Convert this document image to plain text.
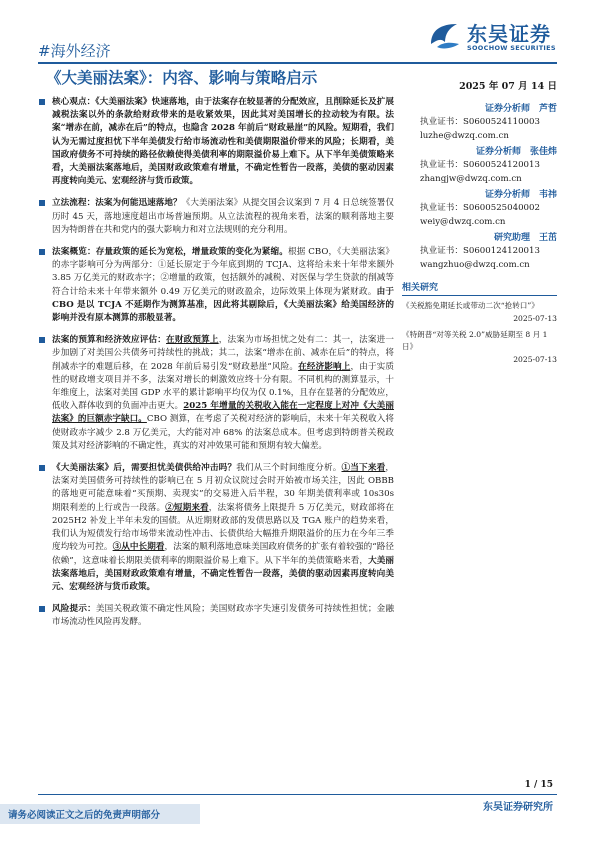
#海外经济
东吴证券
SOOCHOW SECURITIES
《大美丽法案》：内容、影响与策略启示
核心观点：《大美丽法案》快速落地，由于法案存在较显著的分配效应，且削除延长及扩展减税法案以外的条款给财政带来的是收紧效果，因此其对美国增长的拉动较为有限。法案“增赤在前，减赤在后”的特点，也隐含 2028 年前后“财政悬崖”的风险。短期看，我们认为无需过度担忧下半年美债发行给市场流动性和美债期限溢价带来的风险；长期看，美国政府债务不可持续的路径依赖使得美债利率的期限溢价易上难下。从下半年美债策略来看，大美丽法案落地后，美国财政政策难有增量，不确定性暂告一段落，美债的驱动因素再度转向美元、宏观经济与货币政策。
立法流程：法案为何能迅速落地？《大美丽法案》从提交国会议案到 7 月 4 日总统签署仅历时 45 天，落地速度超出市场普遍预期。从立法流程的视角来看，法案的顺利落地主要因为特朗普在共和党内的强大影响力和对立法规则的充分利用。
法案概览：存量政策的延长为宽松，增量政策的变化为紧缩。根据 CBO，《大美丽法案》的赤字影响可分为两部分：①延长原定于今年底到期的 TCJA、这将给未来十年带来额外 3.85 万亿美元的财政赤字；②增量的政策，包括额外的减税、对医保与学生贷款的削减等符合计给未来十年带来额外 0.49 万亿美元的财政盈余，边际效果上体现为紧财政。由于 CBO 是以 TCJA 不延期作为测算基准，因此将其剔除后，《大美丽法案》给美国经济的影响并没有原本测算的那般显著。
法案的预算和经济效应评估：在财政预算上，法案为市场担忧之处有二：其一，法案进一步加剧了对美国公共债务可持续性的挑战；其二，法案“增赤在前、减赤在后”的特点，将削减赤字的难题后移，在 2028 年前后易引发“财政悬崖”风险。在经济影响上，由于实质性的财政增支项目并不多，法案对增长的刺激效应终十分有限。不同机构的测算显示，十年维度上，法案对美国 GDP 水平的累计影响平均仅为仅 0.1%，且存在显著的分配效应，低收入群体收到的负面冲击更大。2025 年增量的关税收入能在一定程度上对冲《大美丽法案》的巨额赤字缺口。CBO 测算，在考虑了关税对经济的影响后，未来十年关税收入将使财政赤字减少 2.8 万亿美元，大约能对冲 68% 的法案总成本。但考虑到特朗普关税政策及其对经济影响的不确定性，真实的对冲效果可能和预期有较大偏差。
《大美丽法案》后，需要担忧美债供给冲击吗？我们从三个时间维度分析。①当下来看，法案对美国债务可持续性的影响已在 5 月初众议院过会时开始被市场关注，因此 OBBB 的落地更可能意味着“买预期、卖现实”的交易进入后半程，30 年期美债利率或 10s30s 期限利差的上行或告一段落。②短期来看，法案将债务上限提升 5 万亿美元，财政部将在 2025H2 补发上半年未发的国债。从近期财政部的发债思路以及 TGA 账户的趋势来看，我们认为短债发行给市场带来流动性冲击、长债供给大幅推升期限溢价的压力在今年三季度均较为可控。③从中长期看，法案的顺利落地意味美国政府债务的扩张有着较强的“路径依赖”，这意味着长期限美债利率的期限溢价易上难下。从下半年的美债策略来看，大美丽法案落地后，美国财政政策难有增量，不确定性暂告一段落，美债的驱动因素再度转向美元、宏观经济与货币政策。
风险提示：美国关税政策不确定性风险；美国财政赤字失速引发债务可持续性担忧；金融市场流动性风险再发酵。
2025 年 07 月 14 日
证券分析师　芦哲
执业证书：S0600524110003
luzhe@dwzq.com.cn
证券分析师　张佳炜
执业证书：S0600524120013
zhangjw@dwzq.com.cn
证券分析师　韦祎
执业证书：S0600525040002
weiy@dwzq.com.cn
研究助理　王茁
执业证书：S0600124120013
wangzhuo@dwzq.com.cn
相关研究
《关税豁免期延长或带动二次“抢转口”》
2025-07-13
《特朗普“对等关税 2.0”威胁延期至 8 月 1 日》
2025-07-13
1 / 15
东吴证券研究所
请务必阅读正文之后的免责声明部分
